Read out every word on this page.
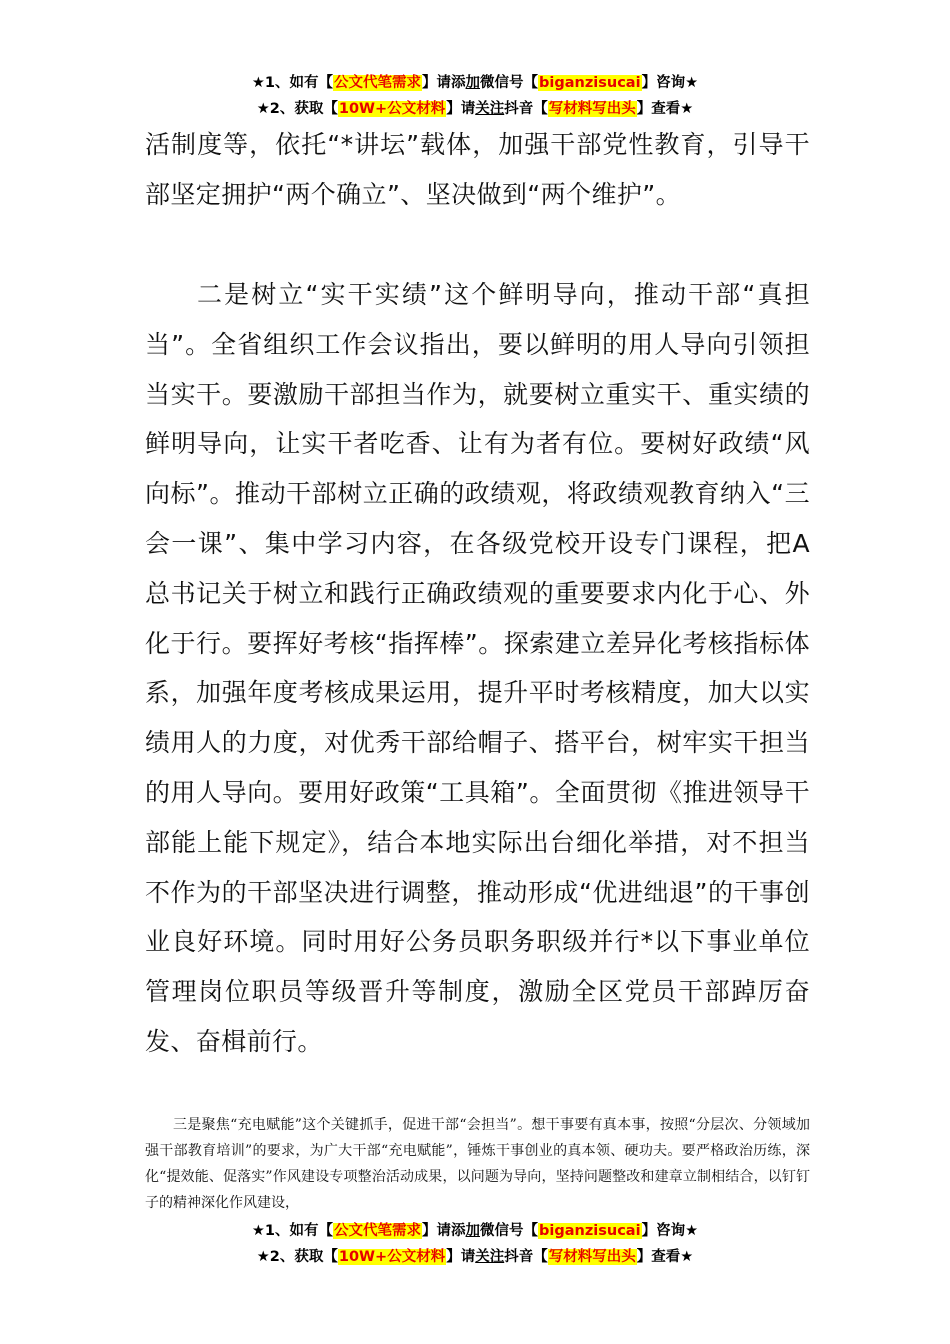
★1、如有【公文代笔需求】请添加微信号【biganzisucai】咨询★
★2、获取【10W+公文材料】请关注抖音【写材料写出头】查看★
活制度等，依托“*讲坛”载体，加强干部党性教育，引导干部坚定拥护“两个确立”、坚决做到“两个维护”。
二是树立“实干实绩”这个鲜明导向，推动干部“真担当”。全省组织工作会议指出，要以鲜明的用人导向引领担当实干。要激励干部担当作为，就要树立重实干、重实绩的鲜明导向，让实干者吃香、让有为者有位。要树好政绩“风向标”。推动干部树立正确的政绩观，将政绩观教育纳入“三会一课”、集中学习内容，在各级党校开设专门课程，把A总书记关于树立和践行正确政绩观的重要要求内化于心、外化于行。要挥好考核“指挥棒”。探索建立差异化考核指标体系，加强年度考核成果运用，提升平时考核精度，加大以实绩用人的力度，对优秀干部给帽子、搭平台，树牢实干担当的用人导向。要用好政策“工具箱”。全面贯彻《推进领导干部能上能下规定》，结合本地实际出台细化举措，对不担当不作为的干部坚决进行调整，推动形成“优进绌退”的干事创业良好环境。同时用好公务员职务职级并行*以下事业单位管理岗位职员等级晋升等制度，激励全区党员干部踔厉奋发、奋楫前行。
三是聚焦“充电赋能”这个关键抓手，促进干部“会担当”。想干事要有真本事，按照“分层次、分领域加强干部教育培训”的要求，为广大干部“充电赋能”，锤炼干事创业的真本领、硬功夫。要严格政治历练，深化“提效能、促落实”作风建设专项整治活动成果，以问题为导向，坚持问题整改和建章立制相结合，以钉钉子的精神深化作风建设，
★1、如有【公文代笔需求】请添加微信号【biganzisucai】咨询★
★2、获取【10W+公文材料】请关注抖音【写材料写出头】查看★
